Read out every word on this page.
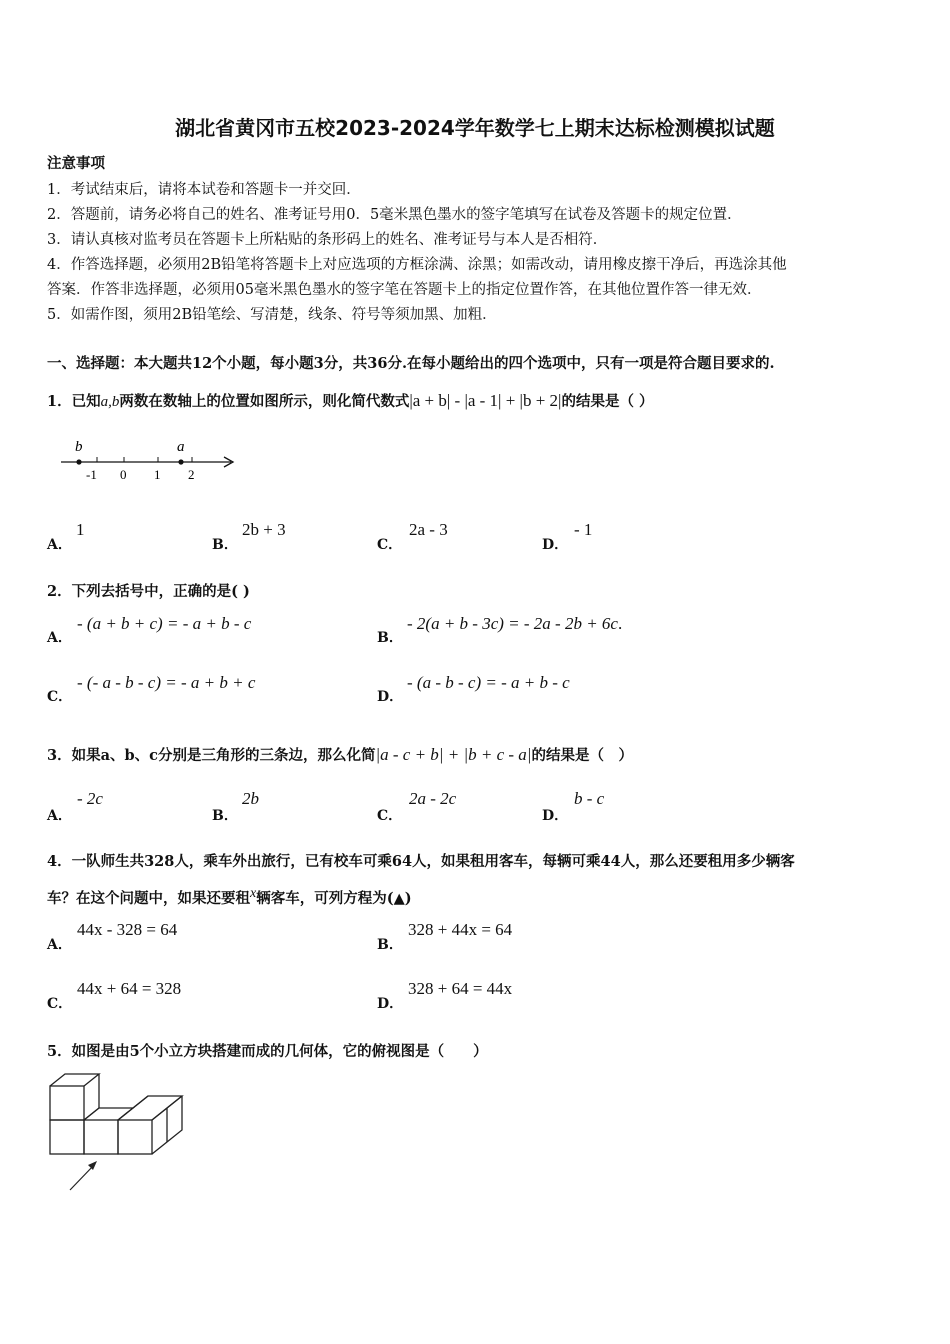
湖北省黄冈市五校2023-2024学年数学七上期末达标检测模拟试题
注意事项
1．考试结束后，请将本试卷和答题卡一并交回．
2．答题前，请务必将自己的姓名、准考证号用0．5毫米黑色墨水的签字笔填写在试卷及答题卡的规定位置．
3．请认真核对监考员在答题卡上所粘贴的条形码上的姓名、准考证号与本人是否相符．
4．作答选择题，必须用2B铅笔将答题卡上对应选项的方框涂满、涂黑；如需改动，请用橡皮擦干净后，再选涂其他
答案．作答非选择题，必须用05毫米黑色墨水的签字笔在答题卡上的指定位置作答，在其他位置作答一律无效．
5．如需作图，须用2B铅笔绘、写清楚，线条、符号等须加黑、加粗．
一、选择题：本大题共12个小题，每小题3分，共36分.在每小题给出的四个选项中，只有一项是符合题目要求的.
1．已知a,b两数在数轴上的位置如图所示，则化简代数式|a + b| - |a - 1| + |b + 2|的结果是（ ）
b	a
-1 0 1 2
A．
1
B．
2b + 3
C．
2a - 3
D．
- 1
2．下列去括号中，正确的是( )
A．
- (a + b + c) = - a + b - c
B．
- 2(a + b - 3c) = - 2a - 2b + 6c.
C．
- (- a - b - c) = - a + b + c
D．
- (a - b - c) = - a + b - c
3．如果a、b、c分别是三角形的三条边，那么化简|a - c + b| + |b + c - a|的结果是（　）
A．
- 2c
B．
2b
C．
2a - 2c
D．
b - c
4．一队师生共328人，乘车外出旅行，已有校车可乘64人，如果租用客车，每辆可乘44人，那么还要租用多少辆客
车？在这个问题中，如果还要租x辆客车，可列方程为(▲)
A．
44x - 328 = 64
B．
328 + 44x = 64
C．
44x + 64 = 328
D．
328 + 64 = 44x
5．如图是由5个小立方块搭建而成的几何体，它的俯视图是（　　）
